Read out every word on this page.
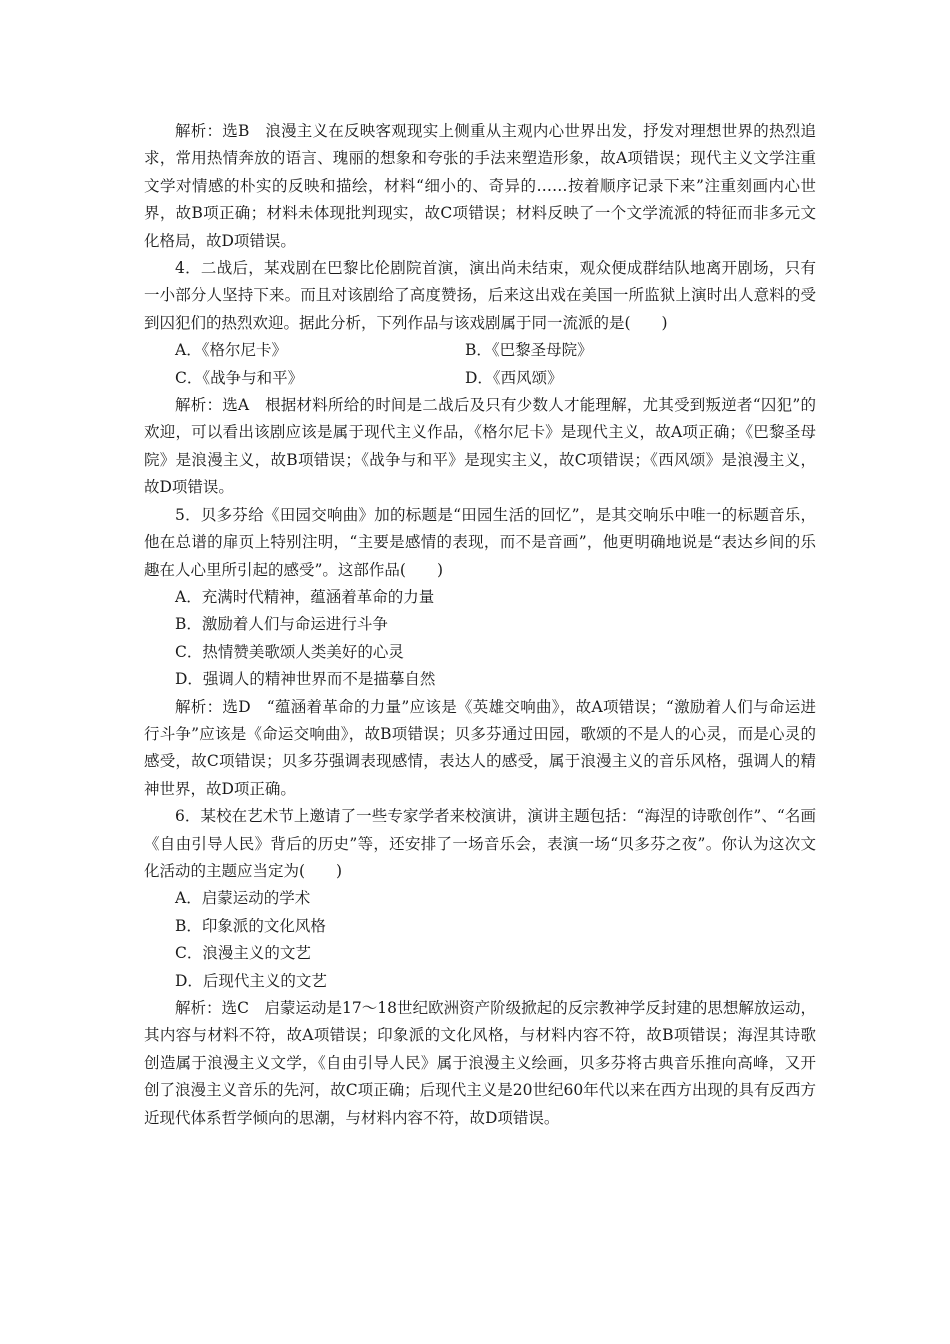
解析：选B　浪漫主义在反映客观现实上侧重从主观内心世界出发，抒发对理想世界的热烈追求，常用热情奔放的语言、瑰丽的想象和夸张的手法来塑造形象，故A项错误；现代主义文学注重文学对情感的朴实的反映和描绘，材料“细小的、奇异的……按着顺序记录下来”注重刻画内心世界，故B项正确；材料未体现批判现实，故C项错误；材料反映了一个文学流派的特征而非多元文化格局，故D项错误。

4．二战后，某戏剧在巴黎比伦剧院首演，演出尚未结束，观众便成群结队地离开剧场，只有一小部分人坚持下来。而且对该剧给了高度赞扬，后来这出戏在美国一所监狱上演时出人意料的受到囚犯们的热烈欢迎。据此分析，下列作品与该戏剧属于同一流派的是(　　)

A．《格尔尼卡》	B．《巴黎圣母院》
C．《战争与和平》	D．《西风颂》

解析：选A　根据材料所给的时间是二战后及只有少数人才能理解，尤其受到叛逆者“囚犯”的欢迎，可以看出该剧应该是属于现代主义作品，《格尔尼卡》是现代主义，故A项正确；《巴黎圣母院》是浪漫主义，故B项错误；《战争与和平》是现实主义，故C项错误；《西风颂》是浪漫主义，故D项错误。

5．贝多芬给《田园交响曲》加的标题是“田园生活的回忆”，是其交响乐中唯一的标题音乐，他在总谱的扉页上特别注明，“主要是感情的表现，而不是音画”，他更明确地说是“表达乡间的乐趣在人心里所引起的感受”。这部作品(　　)

A．充满时代精神，蕴涵着革命的力量

B．激励着人们与命运进行斗争

C．热情赞美歌颂人类美好的心灵

D．强调人的精神世界而不是描摹自然

解析：选D　“蕴涵着革命的力量”应该是《英雄交响曲》，故A项错误；“激励着人们与命运进行斗争”应该是《命运交响曲》，故B项错误；贝多芬通过田园，歌颂的不是人的心灵，而是心灵的感受，故C项错误；贝多芬强调表现感情，表达人的感受，属于浪漫主义的音乐风格，强调人的精神世界，故D项正确。

6．某校在艺术节上邀请了一些专家学者来校演讲，演讲主题包括：“海涅的诗歌创作”、“名画《自由引导人民》背后的历史”等，还安排了一场音乐会，表演一场“贝多芬之夜”。你认为这次文化活动的主题应当定为(　　)

A．启蒙运动的学术

B．印象派的文化风格

C．浪漫主义的文艺

D．后现代主义的文艺

解析：选C　启蒙运动是17～18世纪欧洲资产阶级掀起的反宗教神学反封建的思想解放运动，其内容与材料不符，故A项错误；印象派的文化风格，与材料内容不符，故B项错误；海涅其诗歌创造属于浪漫主义文学，《自由引导人民》属于浪漫主义绘画，贝多芬将古典音乐推向高峰，又开创了浪漫主义音乐的先河，故C项正确；后现代主义是20世纪60年代以来在西方出现的具有反西方近现代体系哲学倾向的思潮，与材料内容不符，故D项错误。
